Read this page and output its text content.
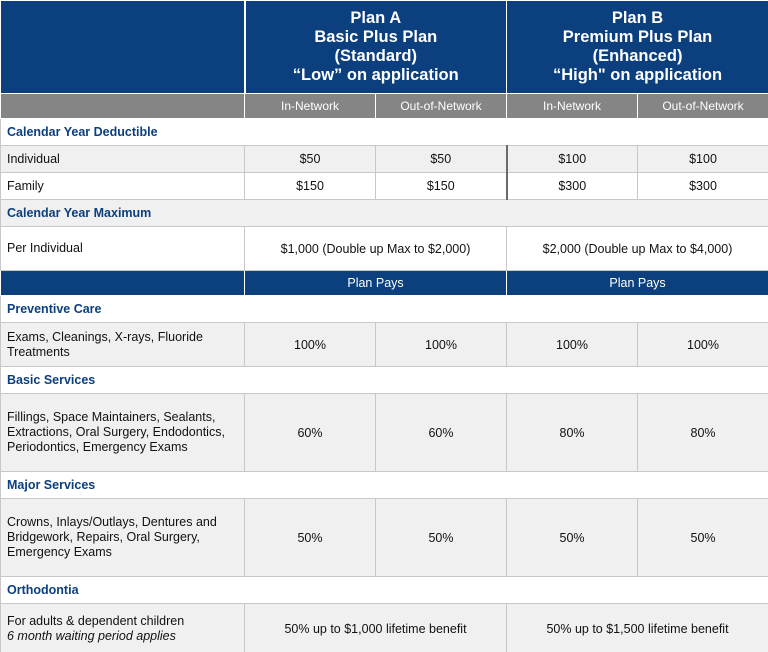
	Plan A
Basic Plus Plan
(Standard)
“Low” on application		Plan B
Premium Plus Plan
(Enhanced)
“High" on application	

	In-Network	Out-of-Network	In-Network	Out-of-Network
Calendar Year Deductible				
Individual	$50	$50	$100	$100
Family	$150	$150	$300	$300
Calendar Year Maximum				
Per Individual	$1,000 (Double up Max to $2,000)		$2,000 (Double up Max to $4,000)	
	Plan Pays		Plan Pays	
Preventive Care				

Exams, Cleanings, X-rays, Fluoride
Treatments	100%	100%	100%	100%
Basic Services				

Fillings, Space Maintainers, Sealants,
Extractions, Oral Surgery, Endodontics,
Periodontics, Emergency Exams	60%	60%	80%	80%
Major Services				

Crowns, Inlays/Outlays, Dentures and
Bridgework, Repairs, Oral Surgery,
Emergency Exams	50%	50%	50%	50%
Orthodontia				

For adults & dependent children
6 month waiting period applies	50% up to $1,000 lifetime benefit		50% up to $1,500 lifetime benefit	
